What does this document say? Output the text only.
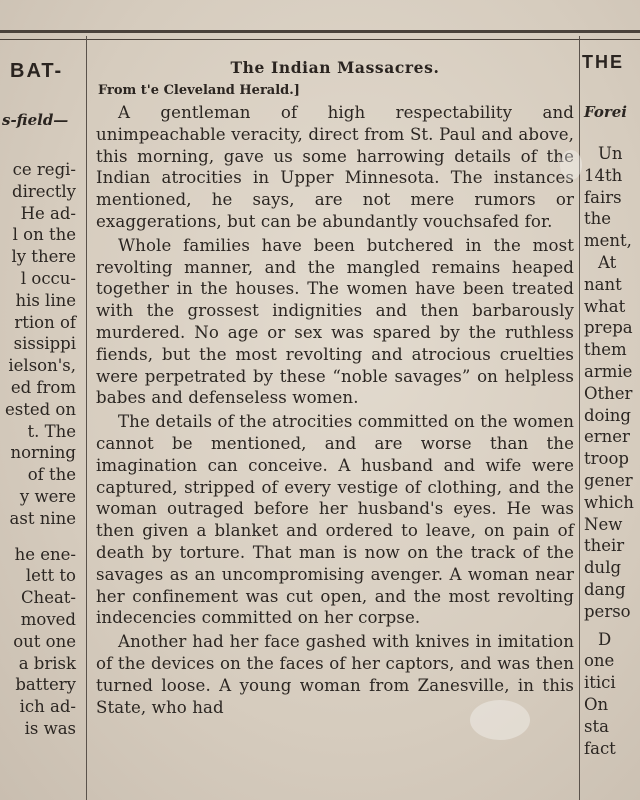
BAT-
s-field—
ce regi-
directly
He ad-
l on the
ly there
l occu-
his line
rtion of
sissippi
ielson's,
ed from
ested on
t. The
norning
of the
y were
ast nine
he ene-
lett to
Cheat-
moved
out one
a brisk
battery
ich ad-
is was
The Indian Massacres.
From t'e Cleveland Herald.]

A gentleman of high respectability and unimpeachable veracity, direct from St. Paul and above, this morning, gave us some harrowing details of the Indian atrocities in Upper Minnesota. The instances mentioned, he says, are not mere rumors or exaggerations, but can be abundantly vouchsafed for.

Whole families have been butchered in the most revolting manner, and the mangled remains heaped together in the houses. The women have been treated with the grossest indignities and then barbarously murdered. No age or sex was spared by the ruthless fiends, but the most revolting and atrocious cruelties were perpetrated by these “noble savages” on helpless babes and defenseless women.

The details of the atrocities committed on the women cannot be mentioned, and are worse than the imagination can conceive. A husband and wife were captured, stripped of every vestige of clothing, and the woman outraged before her husband's eyes. He was then given a blanket and ordered to leave, on pain of death by torture. That man is now on the track of the savages as an uncompromising avenger. A woman near her confinement was cut open, and the most revolting indecencies committed on her corpse.

Another had her face gashed with knives in imitation of the devices on the faces of her captors, and was then turned loose. A young woman from Zanesville, in this State, who had

THE
Forei
Un
14th
fairs
the
ment,
At
nant
what
prepa
them
armie
Other
doing
erner
troop
gener
which
New
their
dulg
dang
perso
D
one
itici
On
sta
fact
